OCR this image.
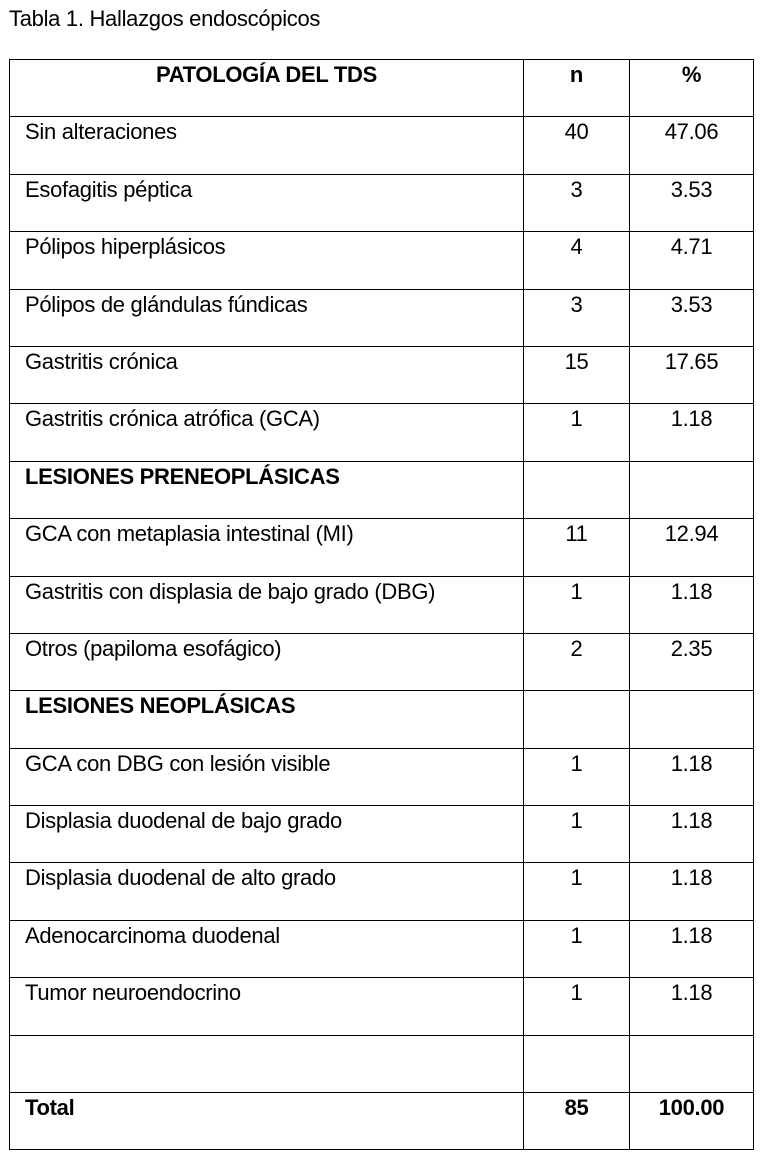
Tabla 1. Hallazgos endoscópicos
PATOLOGÍA DEL TDS	n	%
Sin alteraciones	40	47.06
Esofagitis péptica	3	3.53
Pólipos hiperplásicos	4	4.71
Pólipos de glándulas fúndicas	3	3.53
Gastritis crónica	15	17.65
Gastritis crónica atrófica (GCA)	1	1.18
LESIONES PRENEOPLÁSICAS		
GCA con metaplasia intestinal (MI)	11	12.94
Gastritis con displasia de bajo grado (DBG)	1	1.18
Otros (papiloma esofágico)	2	2.35
LESIONES NEOPLÁSICAS		
GCA con DBG con lesión visible	1	1.18
Displasia duodenal de bajo grado	1	1.18
Displasia duodenal de alto grado	1	1.18
Adenocarcinoma duodenal	1	1.18
Tumor neuroendocrino	1	1.18

Total	85	100.00
